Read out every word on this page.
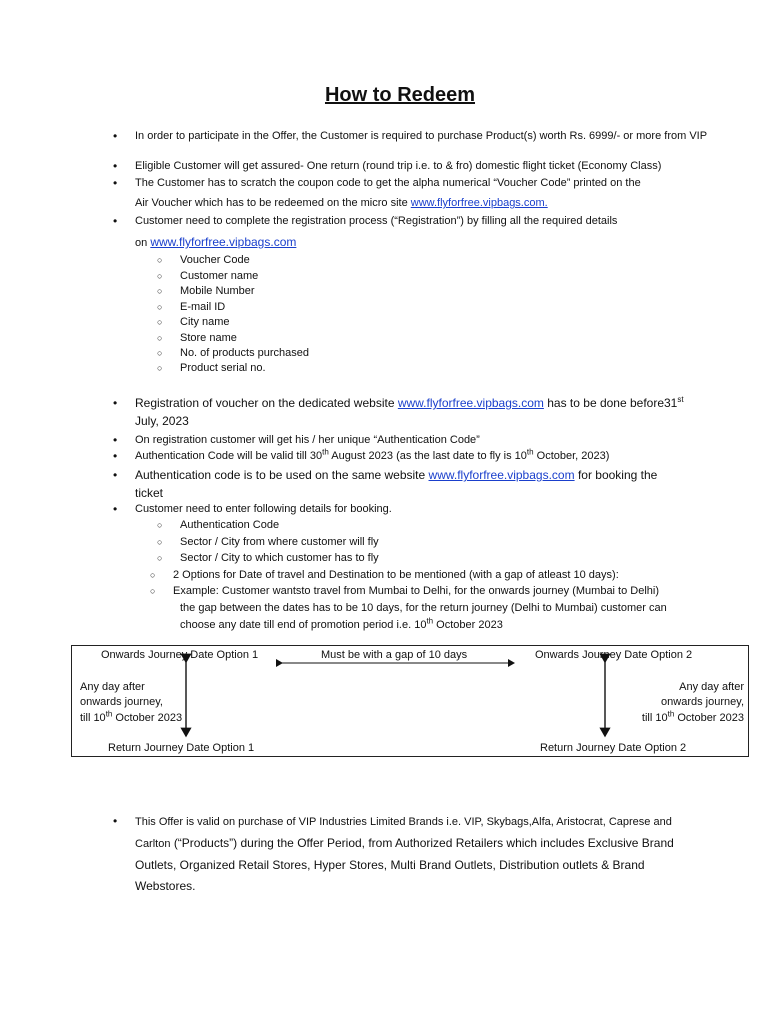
How to Redeem
• In order to participate in the Offer, the Customer is required to purchase Product(s) worth Rs. 6999/- or more from VIP
• Eligible Customer will get assured- One return (round trip i.e. to & fro) domestic flight ticket (Economy Class)
• The Customer has to scratch the coupon code to get the alpha numerical “Voucher Code” printed on the
Air Voucher which has to be redeemed on the micro site www.flyforfree.vipbags.com.
• Customer need to complete the registration process (“Registration”) by filling all the required details
on www.flyforfree.vipbags.com
○ Voucher Code
○ Customer name
○ Mobile Number
○ E-mail ID
○ City name
○ Store name
○ No. of products purchased
○ Product serial no.
• Registration of voucher on the dedicated website www.flyforfree.vipbags.com has to be done before31st
July, 2023
• On registration customer will get his / her unique “Authentication Code”
• Authentication Code will be valid till 30th August 2023 (as the last date to fly is 10th October, 2023)
• Authentication code is to be used on the same website www.flyforfree.vipbags.com for booking the
ticket
• Customer need to enter following details for booking.
○ Authentication Code
○ Sector / City from where customer will fly
○ Sector / City to which customer has to fly
○ 2 Options for Date of travel and Destination to be mentioned (with a gap of atleast 10 days):
○ Example: Customer wantsto travel from Mumbai to Delhi, for the onwards journey (Mumbai to Delhi)
the gap between the dates has to be 10 days, for the return journey (Delhi to Mumbai) customer can
choose any date till end of promotion period i.e. 10th October 2023
Onwards Journey Date Option 1	Must be with a gap of 10 days	Onwards Journey Date Option 2
Any day after
onwards journey,
till 10th October 2023
Any day after
onwards journey,
till 10th October 2023
Return Journey Date Option 1	Return Journey Date Option 2
• This Offer is valid on purchase of VIP Industries Limited Brands i.e. VIP, Skybags,Alfa, Aristocrat, Caprese and
Carlton (“Products”) during the Offer Period, from Authorized Retailers which includes Exclusive Brand
Outlets, Organized Retail Stores, Hyper Stores, Multi Brand Outlets, Distribution outlets & Brand
Webstores.
